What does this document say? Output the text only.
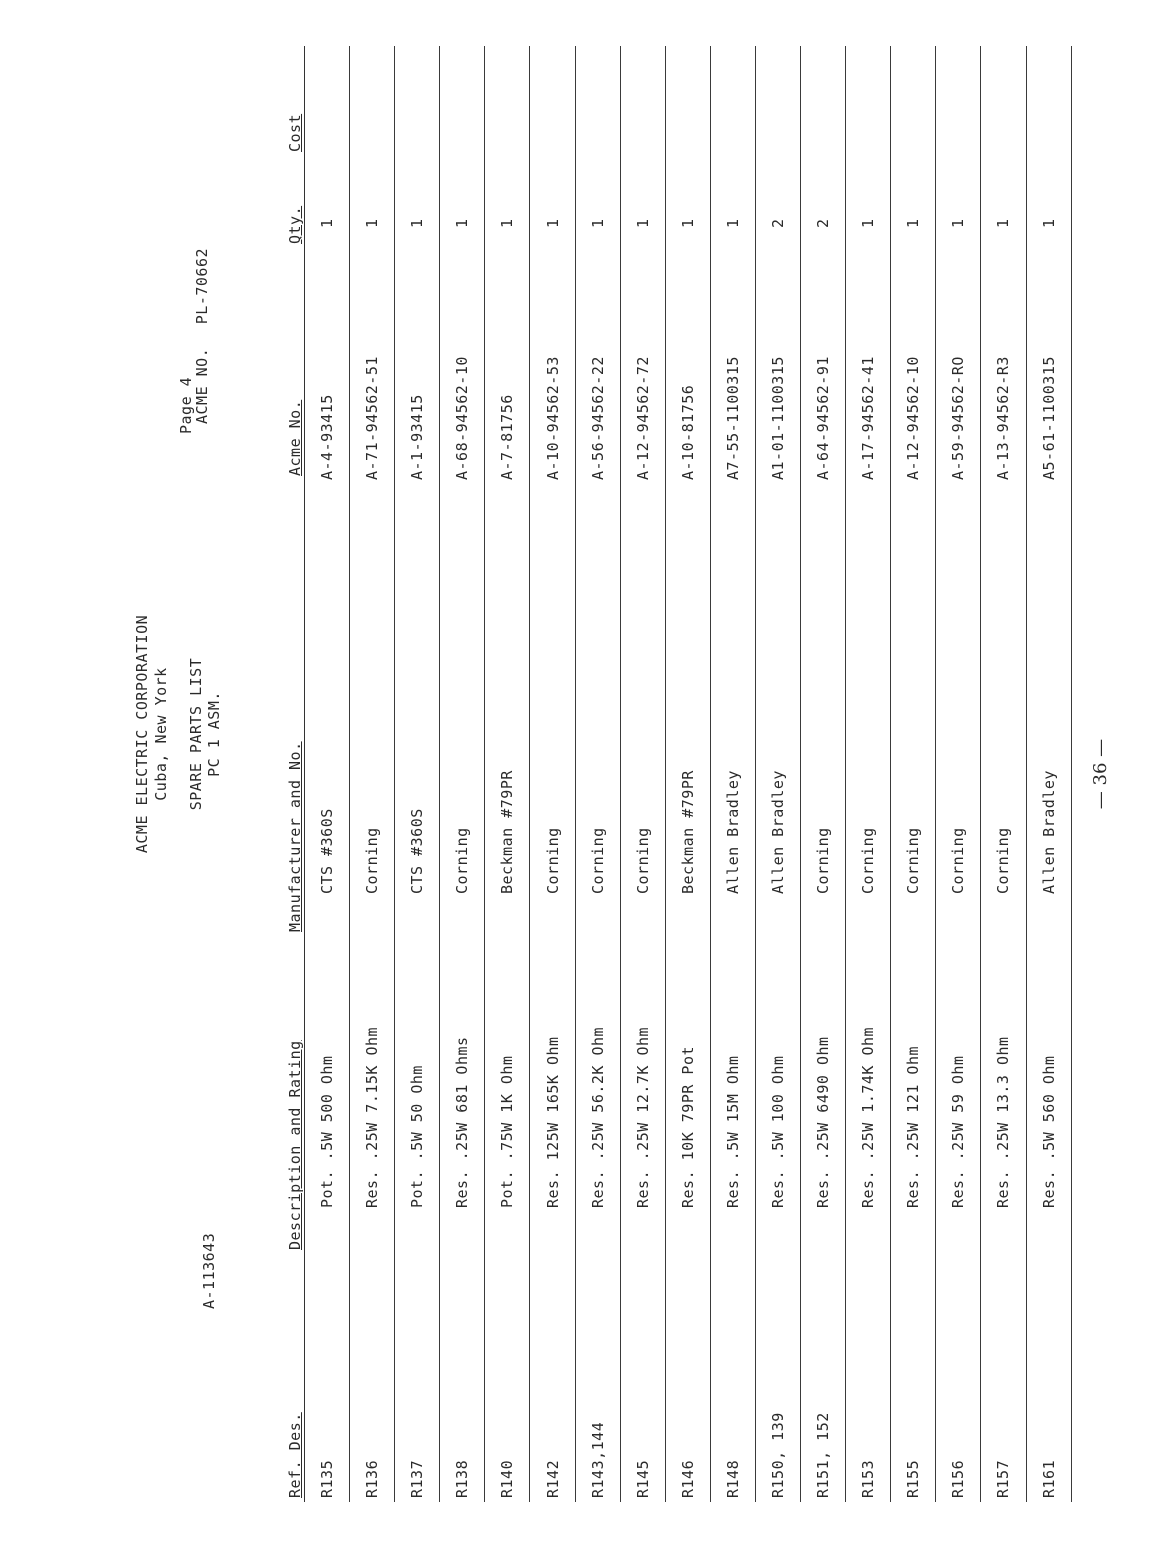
ACME ELECTRIC CORPORATION Cuba, New York
A-113643
SPARE PARTS LIST PC 1 ASM.
Page 4
ACME NO. PL-70662
Ref. Des.	Description and Rating	Manufacturer and No.	Acme No.	Qty.	Cost
R135	Pot. .5W 500 Ohm	CTS #360S	A-4-93415	1	
R136	Res. .25W 7.15K Ohm	Corning	A-71-94562-51	1	
R137	Pot. .5W 50 Ohm	CTS #360S	A-1-93415	1	
R138	Res. .25W 681 Ohms	Corning	A-68-94562-10	1	
R140	Pot. .75W 1K Ohm	Beckman #79PR	A-7-81756	1	
R142	Res. 125W 165K Ohm	Corning	A-10-94562-53	1	
R143,144	Res. .25W 56.2K Ohm	Corning	A-56-94562-22	1	
R145	Res. .25W 12.7K Ohm	Corning	A-12-94562-72	1	
R146	Res. 10K 79PR Pot	Beckman #79PR	A-10-81756	1	
R148	Res. .5W 15M Ohm	Allen Bradley	A7-55-1100315	1	
R150, 139	Res. .5W 100 Ohm	Allen Bradley	A1-01-1100315	2	
R151, 152	Res. .25W 6490 Ohm	Corning	A-64-94562-91	2	
R153	Res. .25W 1.74K Ohm	Corning	A-17-94562-41	1	
R155	Res. .25W 121 Ohm	Corning	A-12-94562-10	1	
R156	Res. .25W 59 Ohm	Corning	A-59-94562-RO	1	
R157	Res. .25W 13.3 Ohm	Corning	A-13-94562-R3	1	
R161	Res. .5W 560 Ohm	Allen Bradley	A5-61-1100315	1	
— 36 —
